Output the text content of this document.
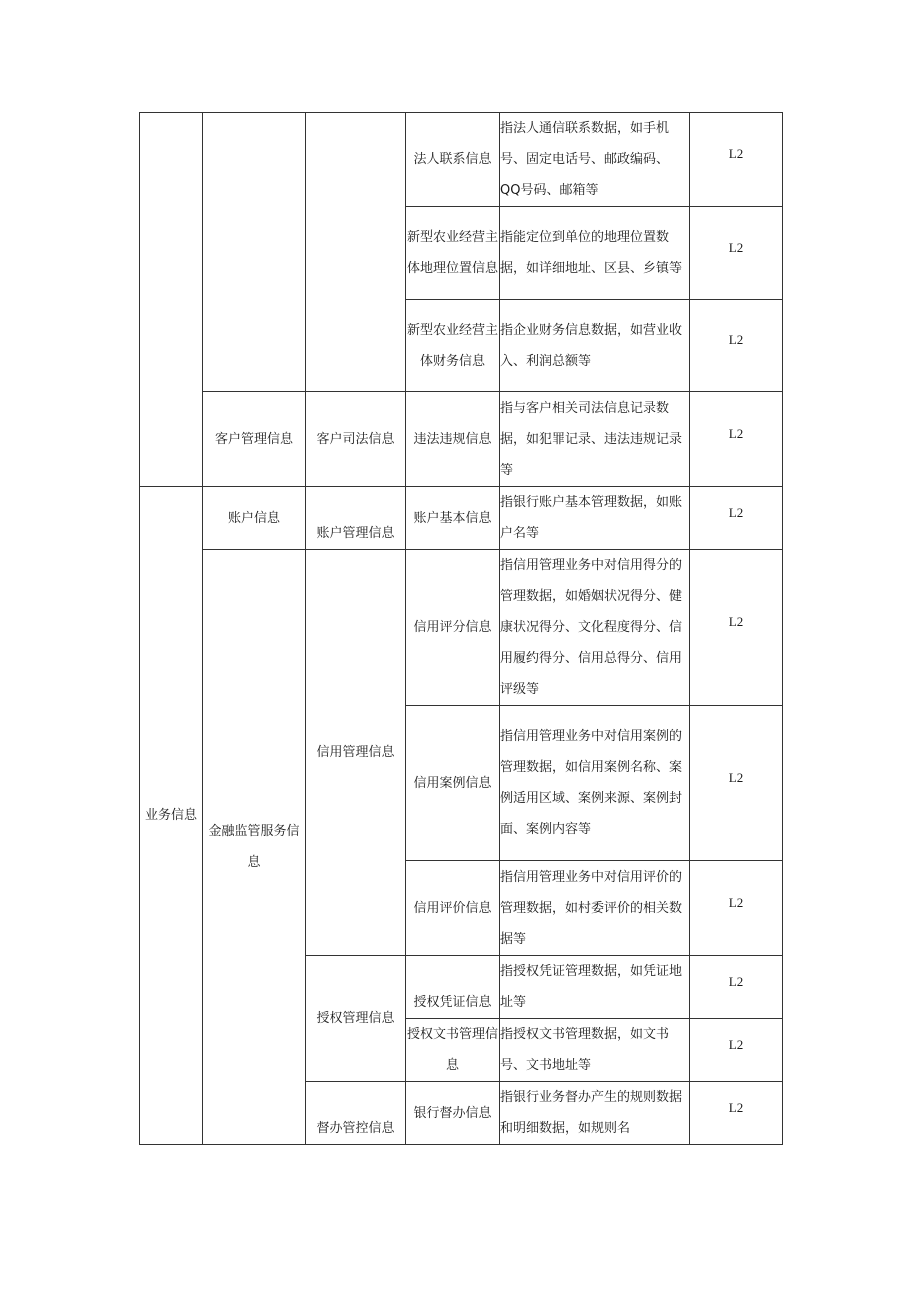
			法人联系信息	指法人通信联系数据，如手机号、固定电话号、邮政编码、QQ号码、邮箱等	L2

			新型农业经营主体地理位置信息	指能定位到单位的地理位置数据，如详细地址、区县、乡镇等	L2

			新型农业经营主体财务信息	指企业财务信息数据，如营业收入、利润总额等	L2

	客户管理信息	客户司法信息	违法违规信息	指与客户相关司法信息记录数据，如犯罪记录、违法违规记录等	L2

业务信息	账户信息	账户管理信息	账户基本信息	指银行账户基本管理数据，如账户名等	L2

	金融监管服务信息	信用管理信息	信用评分信息	指信用管理业务中对信用得分的管理数据，如婚姻状况得分、健康状况得分、文化程度得分、信用履约得分、信用总得分、信用评级等	L2

			信用案例信息	指信用管理业务中对信用案例的管理数据，如信用案例名称、案例适用区域、案例来源、案例封面、案例内容等	L2

			信用评价信息	指信用管理业务中对信用评价的管理数据，如村委评价的相关数据等	L2

		授权管理信息	授权凭证信息	指授权凭证管理数据，如凭证地址等	L2

			授权文书管理信息	指授权文书管理数据，如文书号、文书地址等	L2

		督办管控信息	银行督办信息	指银行业务督办产生的规则数据和明细数据，如规则名	L2
